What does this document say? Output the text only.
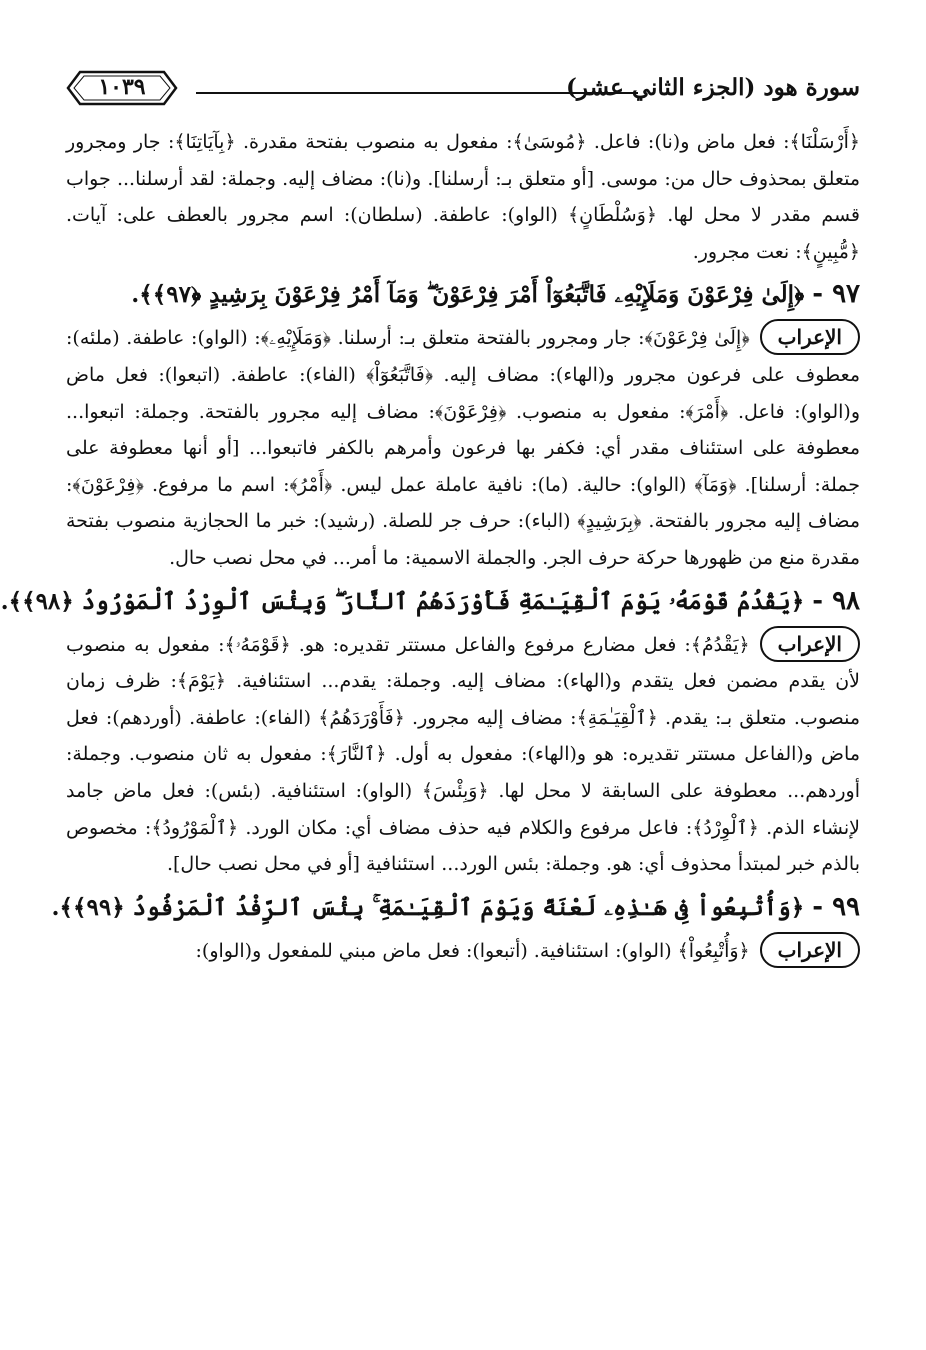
١٠٣٩	سورة هود (الجزء الثاني عشر)

﴿أَرْسَلْنَا﴾: فعل ماض و(نا): فاعل. ﴿مُوسَىٰ﴾: مفعول به منصوب بفتحة مقدرة. ﴿بِآيَاتِنَا﴾: جار ومجرور متعلق بمحذوف حال من: موسى. [أو متعلق بـ: أرسلنا]. و(نا): مضاف إليه. وجملة: لقد أرسلنا... جواب قسم مقدر لا محل لها. ﴿وَسُلْطَانٍ﴾ (الواو): عاطفة. (سلطان): اسم مجرور بالعطف على: آيات. ﴿مُّبِينٍ﴾: نعت مجرور.

٩٧ -﴿إِلَىٰ فِرْعَوْنَ وَمَلَإِيْهِۦ فَاتَّبَعُوٓاْ أَمْرَ فِرْعَوْنَ ۖ وَمَآ أَمْرُ فِرْعَوْنَ بِرَشِيدٍ ﴿٩٧﴾﴾.

الإعراب﴿إِلَىٰ فِرْعَوْنَ﴾: جار ومجرور بالفتحة متعلق بـ: أرسلنا. ﴿وَمَلَإِيْهِۦ﴾: (الواو): عاطفة. (ملئه): معطوف على فرعون مجرور و(الهاء): مضاف إليه. ﴿فَاتَّبَعُوٓاْ﴾ (الفاء): عاطفة. (اتبعوا): فعل ماض و(الواو): فاعل. ﴿أَمْرَ﴾: مفعول به منصوب. ﴿فِرْعَوْنَ﴾: مضاف إليه مجرور بالفتحة. وجملة: اتبعوا... معطوفة على استئناف مقدر أي: فكفر بها فرعون وأمرهم بالكفر فاتبعوا... [أو أنها معطوفة على جملة: أرسلنا]. ﴿وَمَآ﴾ (الواو): حالية. (ما): نافية عاملة عمل ليس. ﴿أَمْرُ﴾: اسم ما مرفوع. ﴿فِرْعَوْنَ﴾: مضاف إليه مجرور بالفتحة. ﴿بِرَشِيدٍ﴾ (الباء): حرف جر للصلة. (رشيد): خبر ما الحجازية منصوب بفتحة مقدرة منع من ظهورها حركة حرف الجر. والجملة الاسمية: ما أمر... في محل نصب حال.

٩٨ -﴿يَقْدُمُ قَوْمَهُۥ يَوْمَ ٱلْقِيَـٰمَةِ فَأَوْرَدَهُمُ ٱلنَّارَ ۖ وَبِئْسَ ٱلْوِرْدُ ٱلْمَوْرُودُ ﴿٩٨﴾﴾.

الإعراب﴿يَقْدُمُ﴾: فعل مضارع مرفوع والفاعل مستتر تقديره: هو. ﴿قَوْمَهُۥ﴾: مفعول به منصوب لأن يقدم مضمن فعل يتقدم و(الهاء): مضاف إليه. وجملة: يقدم... استئنافية. ﴿يَوْمَ﴾: ظرف زمان منصوب. متعلق بـ: يقدم. ﴿ٱلْقِيَـٰمَةِ﴾: مضاف إليه مجرور. ﴿فَأَوْرَدَهُمُ﴾ (الفاء): عاطفة. (أوردهم): فعل ماض و(الفاعل مستتر تقديره: هو و(الهاء): مفعول به أول. ﴿ٱلنَّارَ﴾: مفعول به ثان منصوب. وجملة: أوردهم... معطوفة على السابقة لا محل لها. ﴿وَبِئْسَ﴾ (الواو): استئنافية. (بئس): فعل ماض جامد لإنشاء الذم. ﴿ٱلْوِرْدُ﴾: فاعل مرفوع والكلام فيه حذف مضاف أي: مكان الورد. ﴿ٱلْمَوْرُودُ﴾: مخصوص بالذم خبر لمبتدأ محذوف أي: هو. وجملة: بئس الورد... استئنافية [أو في محل نصب حال].

٩٩ -﴿وَأُتْبِعُواْ فِى هَـٰذِهِۦ لَعْنَةً وَيَوْمَ ٱلْقِيَـٰمَةِ ۚ بِئْسَ ٱلرِّفْدُ ٱلْمَرْفُودُ ﴿٩٩﴾﴾.

الإعراب﴿وَأُتْبِعُواْ﴾ (الواو): استئنافية. (أتبعوا): فعل ماض مبني للمفعول و(الواو):
